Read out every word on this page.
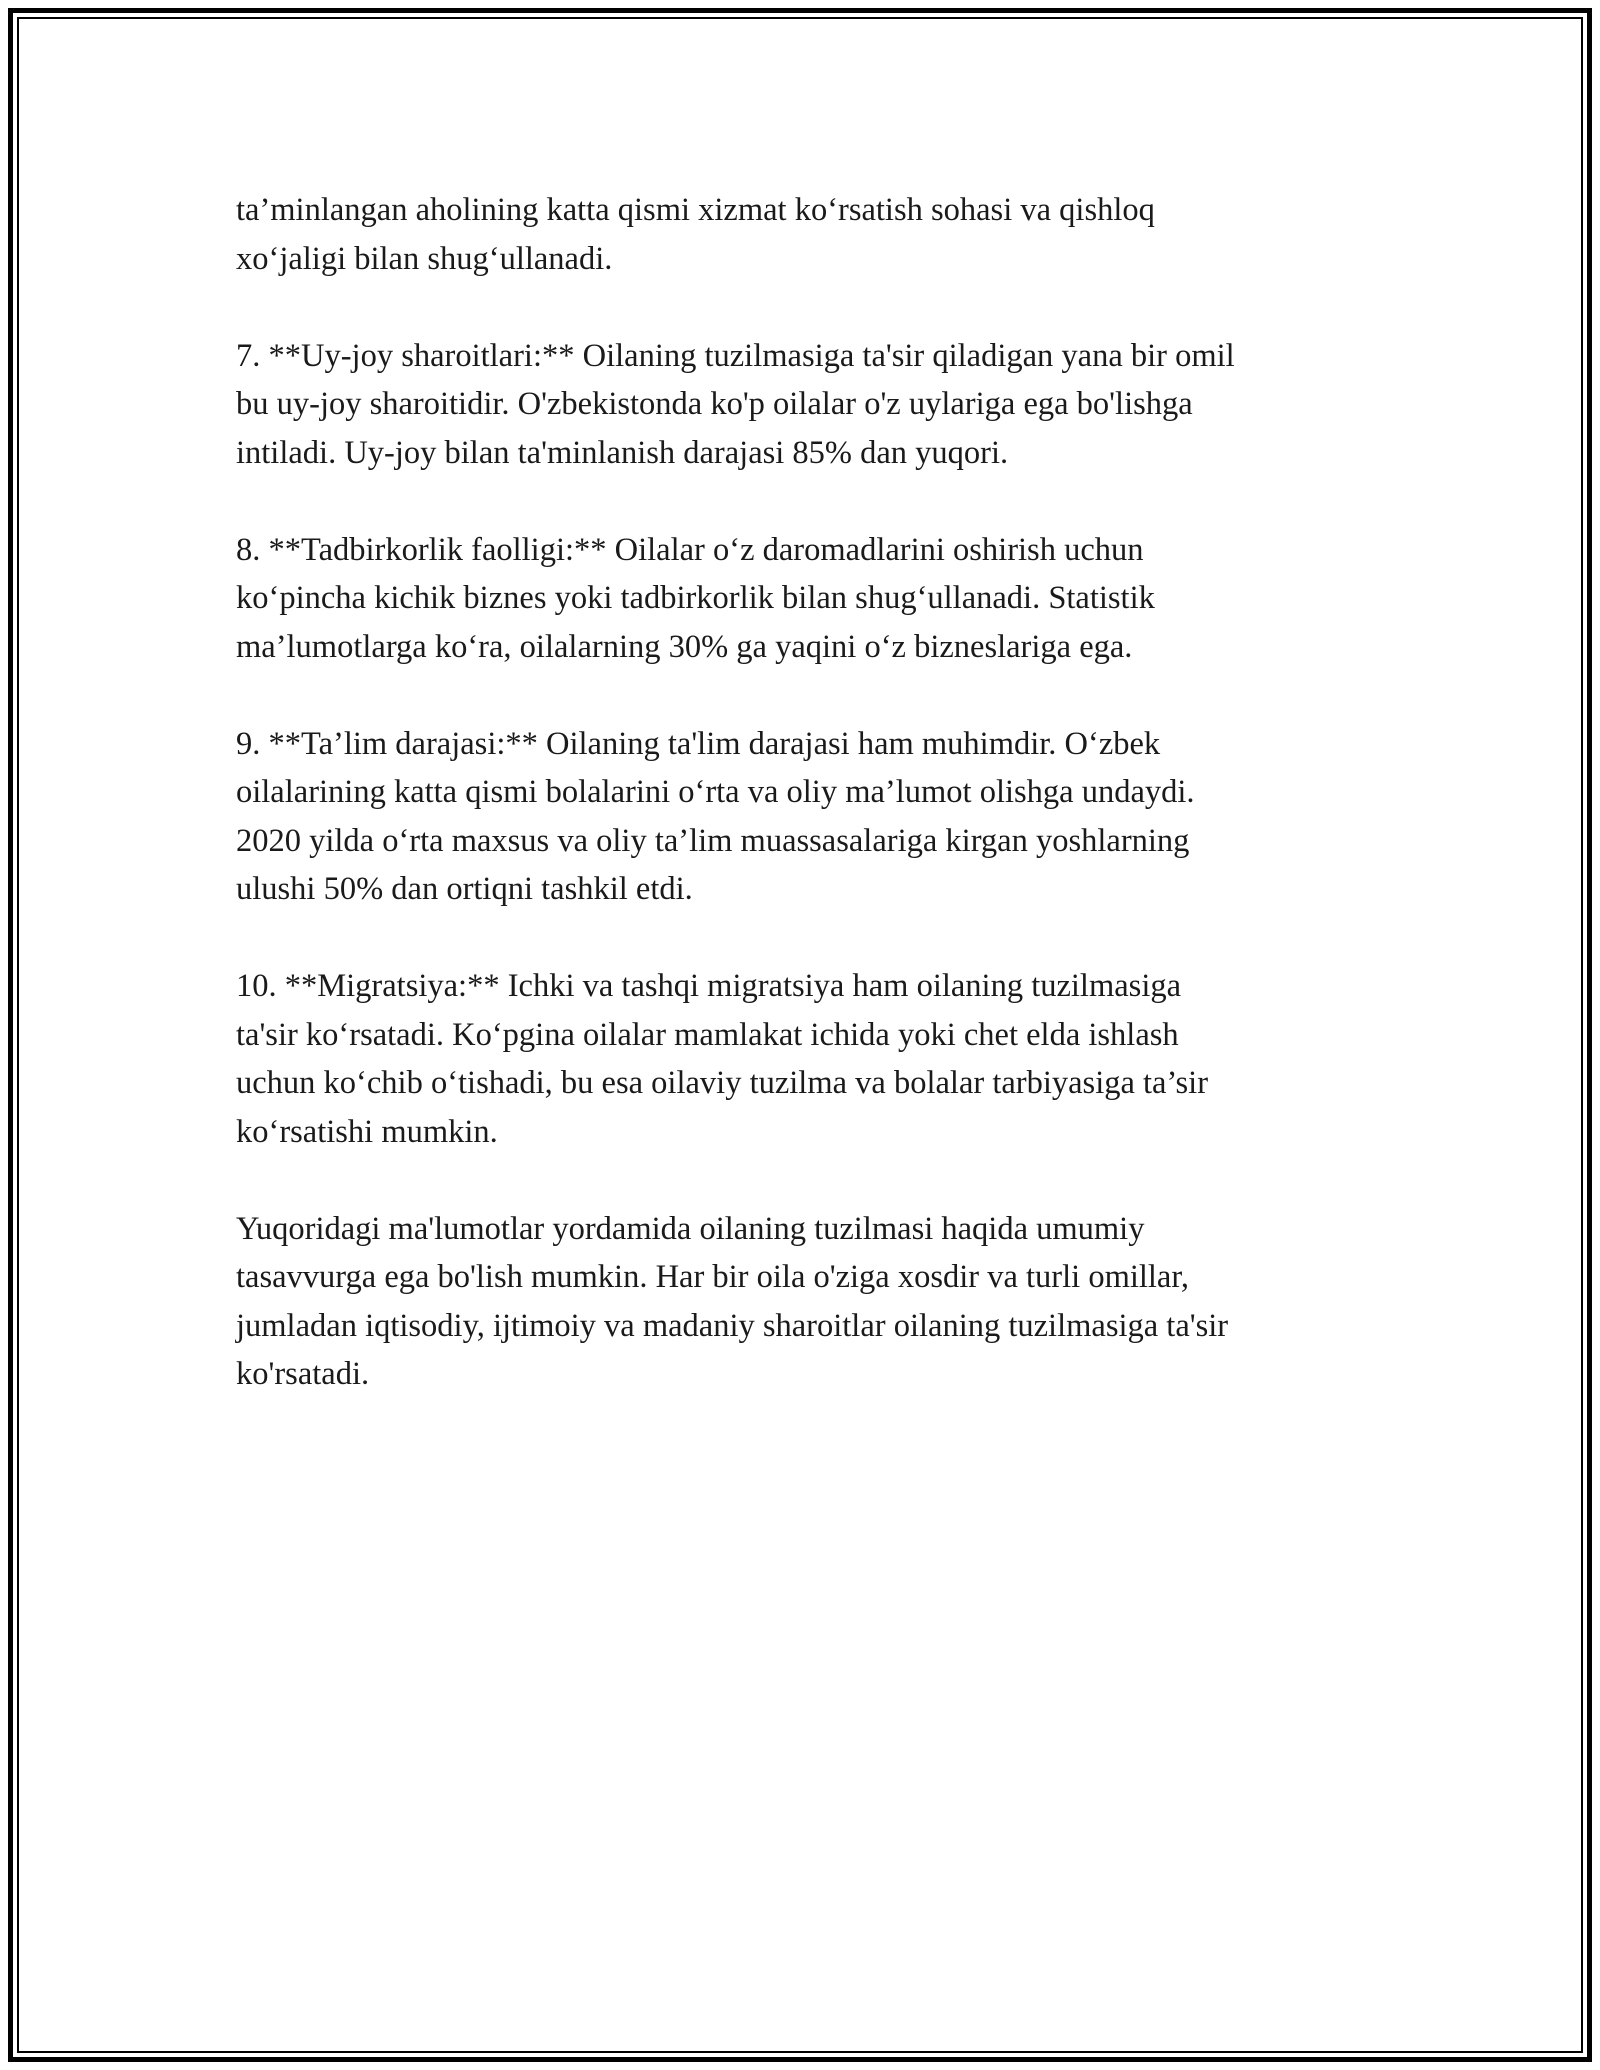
ta’minlangan aholining katta qismi xizmat ko‘rsatish sohasi va qishloq
xo‘jaligi bilan shug‘ullanadi.

7. **Uy-joy sharoitlari:** Oilaning tuzilmasiga ta'sir qiladigan yana bir omil
bu uy-joy sharoitidir. O'zbekistonda ko'p oilalar o'z uylariga ega bo'lishga
intiladi. Uy-joy bilan ta'minlanish darajasi 85% dan yuqori.

8. **Tadbirkorlik faolligi:** Oilalar o‘z daromadlarini oshirish uchun
ko‘pincha kichik biznes yoki tadbirkorlik bilan shug‘ullanadi. Statistik
ma’lumotlarga ko‘ra, oilalarning 30% ga yaqini o‘z bizneslariga ega.

9. **Ta’lim darajasi:** Oilaning ta'lim darajasi ham muhimdir. O‘zbek
oilalarining katta qismi bolalarini o‘rta va oliy ma’lumot olishga undaydi.
2020 yilda o‘rta maxsus va oliy ta’lim muassasalariga kirgan yoshlarning
ulushi 50% dan ortiqni tashkil etdi.

10. **Migratsiya:** Ichki va tashqi migratsiya ham oilaning tuzilmasiga
ta'sir ko‘rsatadi. Ko‘pgina oilalar mamlakat ichida yoki chet elda ishlash
uchun ko‘chib o‘tishadi, bu esa oilaviy tuzilma va bolalar tarbiyasiga ta’sir
ko‘rsatishi mumkin.

Yuqoridagi ma'lumotlar yordamida oilaning tuzilmasi haqida umumiy
tasavvurga ega bo'lish mumkin. Har bir oila o'ziga xosdir va turli omillar,
jumladan iqtisodiy, ijtimoiy va madaniy sharoitlar oilaning tuzilmasiga ta'sir
ko'rsatadi.
